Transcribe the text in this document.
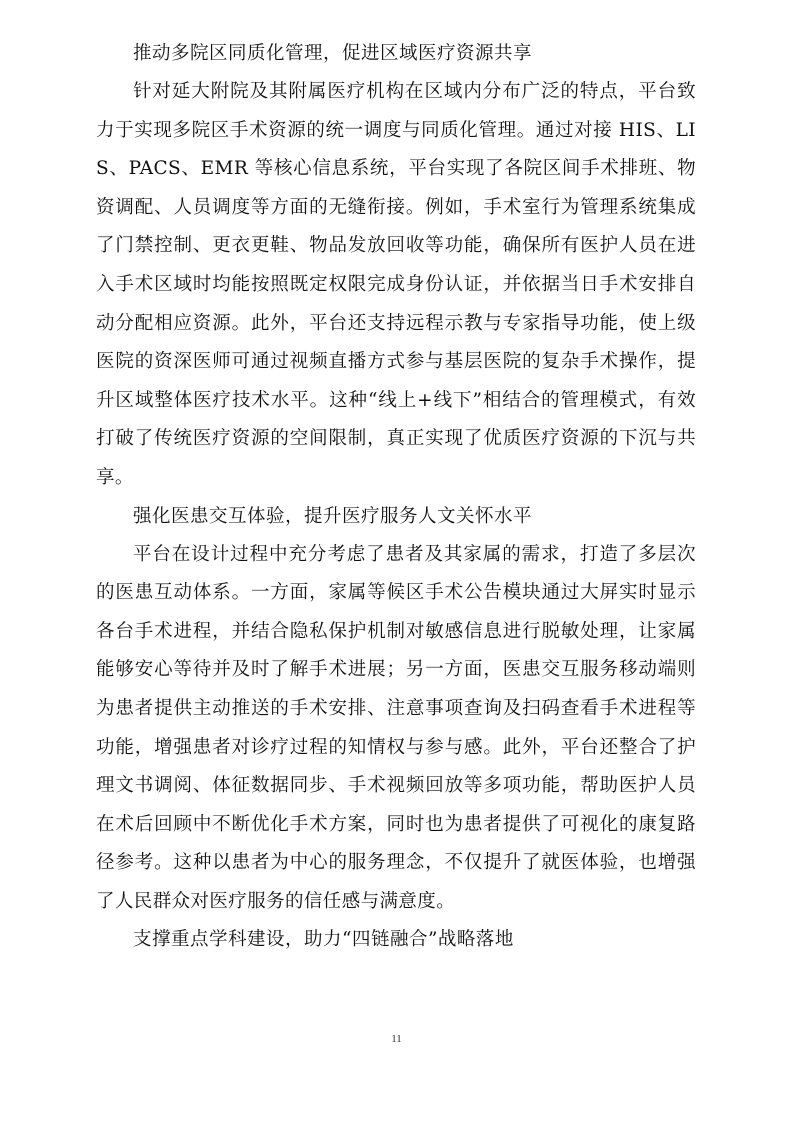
推动多院区同质化管理，促进区域医疗资源共享
针对延大附院及其附属医疗机构在区域内分布广泛的特点，平台致力于实现多院区手术资源的统一调度与同质化管理。通过对接 HIS、LIS、PACS、EMR 等核心信息系统，平台实现了各院区间手术排班、物资调配、人员调度等方面的无缝衔接。例如，手术室行为管理系统集成了门禁控制、更衣更鞋、物品发放回收等功能，确保所有医护人员在进入手术区域时均能按照既定权限完成身份认证，并依据当日手术安排自动分配相应资源。此外，平台还支持远程示教与专家指导功能，使上级医院的资深医师可通过视频直播方式参与基层医院的复杂手术操作，提升区域整体医疗技术水平。这种“线上+线下”相结合的管理模式，有效打破了传统医疗资源的空间限制，真正实现了优质医疗资源的下沉与共享。
强化医患交互体验，提升医疗服务人文关怀水平
平台在设计过程中充分考虑了患者及其家属的需求，打造了多层次的医患互动体系。一方面，家属等候区手术公告模块通过大屏实时显示各台手术进程，并结合隐私保护机制对敏感信息进行脱敏处理，让家属能够安心等待并及时了解手术进展；另一方面，医患交互服务移动端则为患者提供主动推送的手术安排、注意事项查询及扫码查看手术进程等功能，增强患者对诊疗过程的知情权与参与感。此外，平台还整合了护理文书调阅、体征数据同步、手术视频回放等多项功能，帮助医护人员在术后回顾中不断优化手术方案，同时也为患者提供了可视化的康复路径参考。这种以患者为中心的服务理念，不仅提升了就医体验，也增强了人民群众对医疗服务的信任感与满意度。
支撑重点学科建设，助力“四链融合”战略落地
11
